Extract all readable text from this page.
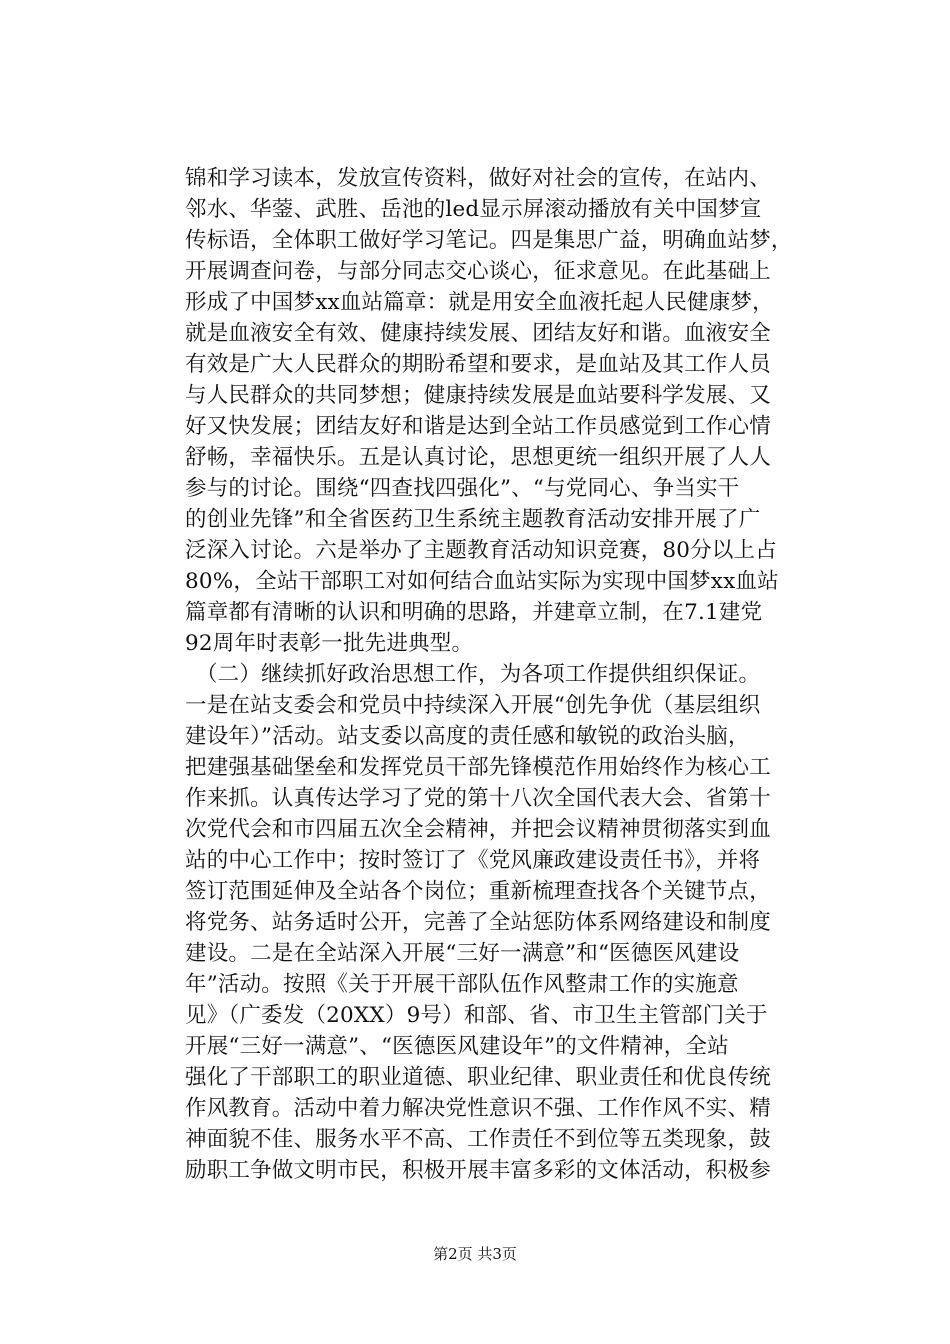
锦和学习读本，发放宣传资料，做好对社会的宣传，在站内、
邻水、华蓥、武胜、岳池的led显示屏滚动播放有关中国梦宣
传标语，全体职工做好学习笔记。四是集思广益，明确血站梦，
开展调查问卷，与部分同志交心谈心，征求意见。在此基础上
形成了中国梦xx血站篇章：就是用安全血液托起人民健康梦，
就是血液安全有效、健康持续发展、团结友好和谐。血液安全
有效是广大人民群众的期盼希望和要求，是血站及其工作人员
与人民群众的共同梦想；健康持续发展是血站要科学发展、又
好又快发展；团结友好和谐是达到全站工作员感觉到工作心情
舒畅，幸福快乐。五是认真讨论，思想更统一组织开展了人人
参与的讨论。围绕“四查找四强化”、“与党同心、争当实干
的创业先锋”和全省医药卫生系统主题教育活动安排开展了广
泛深入讨论。六是举办了主题教育活动知识竞赛，80分以上占
80%，全站干部职工对如何结合血站实际为实现中国梦xx血站
篇章都有清晰的认识和明确的思路，并建章立制，在7.1建党
92周年时表彰一批先进典型。
　（二）继续抓好政治思想工作，为各项工作提供组织保证。
一是在站支委会和党员中持续深入开展“创先争优（基层组织
建设年）”活动。站支委以高度的责任感和敏锐的政治头脑，
把建强基础堡垒和发挥党员干部先锋模范作用始终作为核心工
作来抓。认真传达学习了党的第十八次全国代表大会、省第十
次党代会和市四届五次全会精神，并把会议精神贯彻落实到血
站的中心工作中；按时签订了《党风廉政建设责任书》，并将
签订范围延伸及全站各个岗位；重新梳理查找各个关键节点，
将党务、站务适时公开，完善了全站惩防体系网络建设和制度
建设。二是在全站深入开展“三好一满意”和“医德医风建设
年”活动。按照《关于开展干部队伍作风整肃工作的实施意
见》（广委发（20XX）9号）和部、省、市卫生主管部门关于
开展“三好一满意”、“医德医风建设年”的文件精神，全站
强化了干部职工的职业道德、职业纪律、职业责任和优良传统
作风教育。活动中着力解决党性意识不强、工作作风不实、精
神面貌不佳、服务水平不高、工作责任不到位等五类现象，鼓
励职工争做文明市民，积极开展丰富多彩的文体活动，积极参
第2页 共3页
